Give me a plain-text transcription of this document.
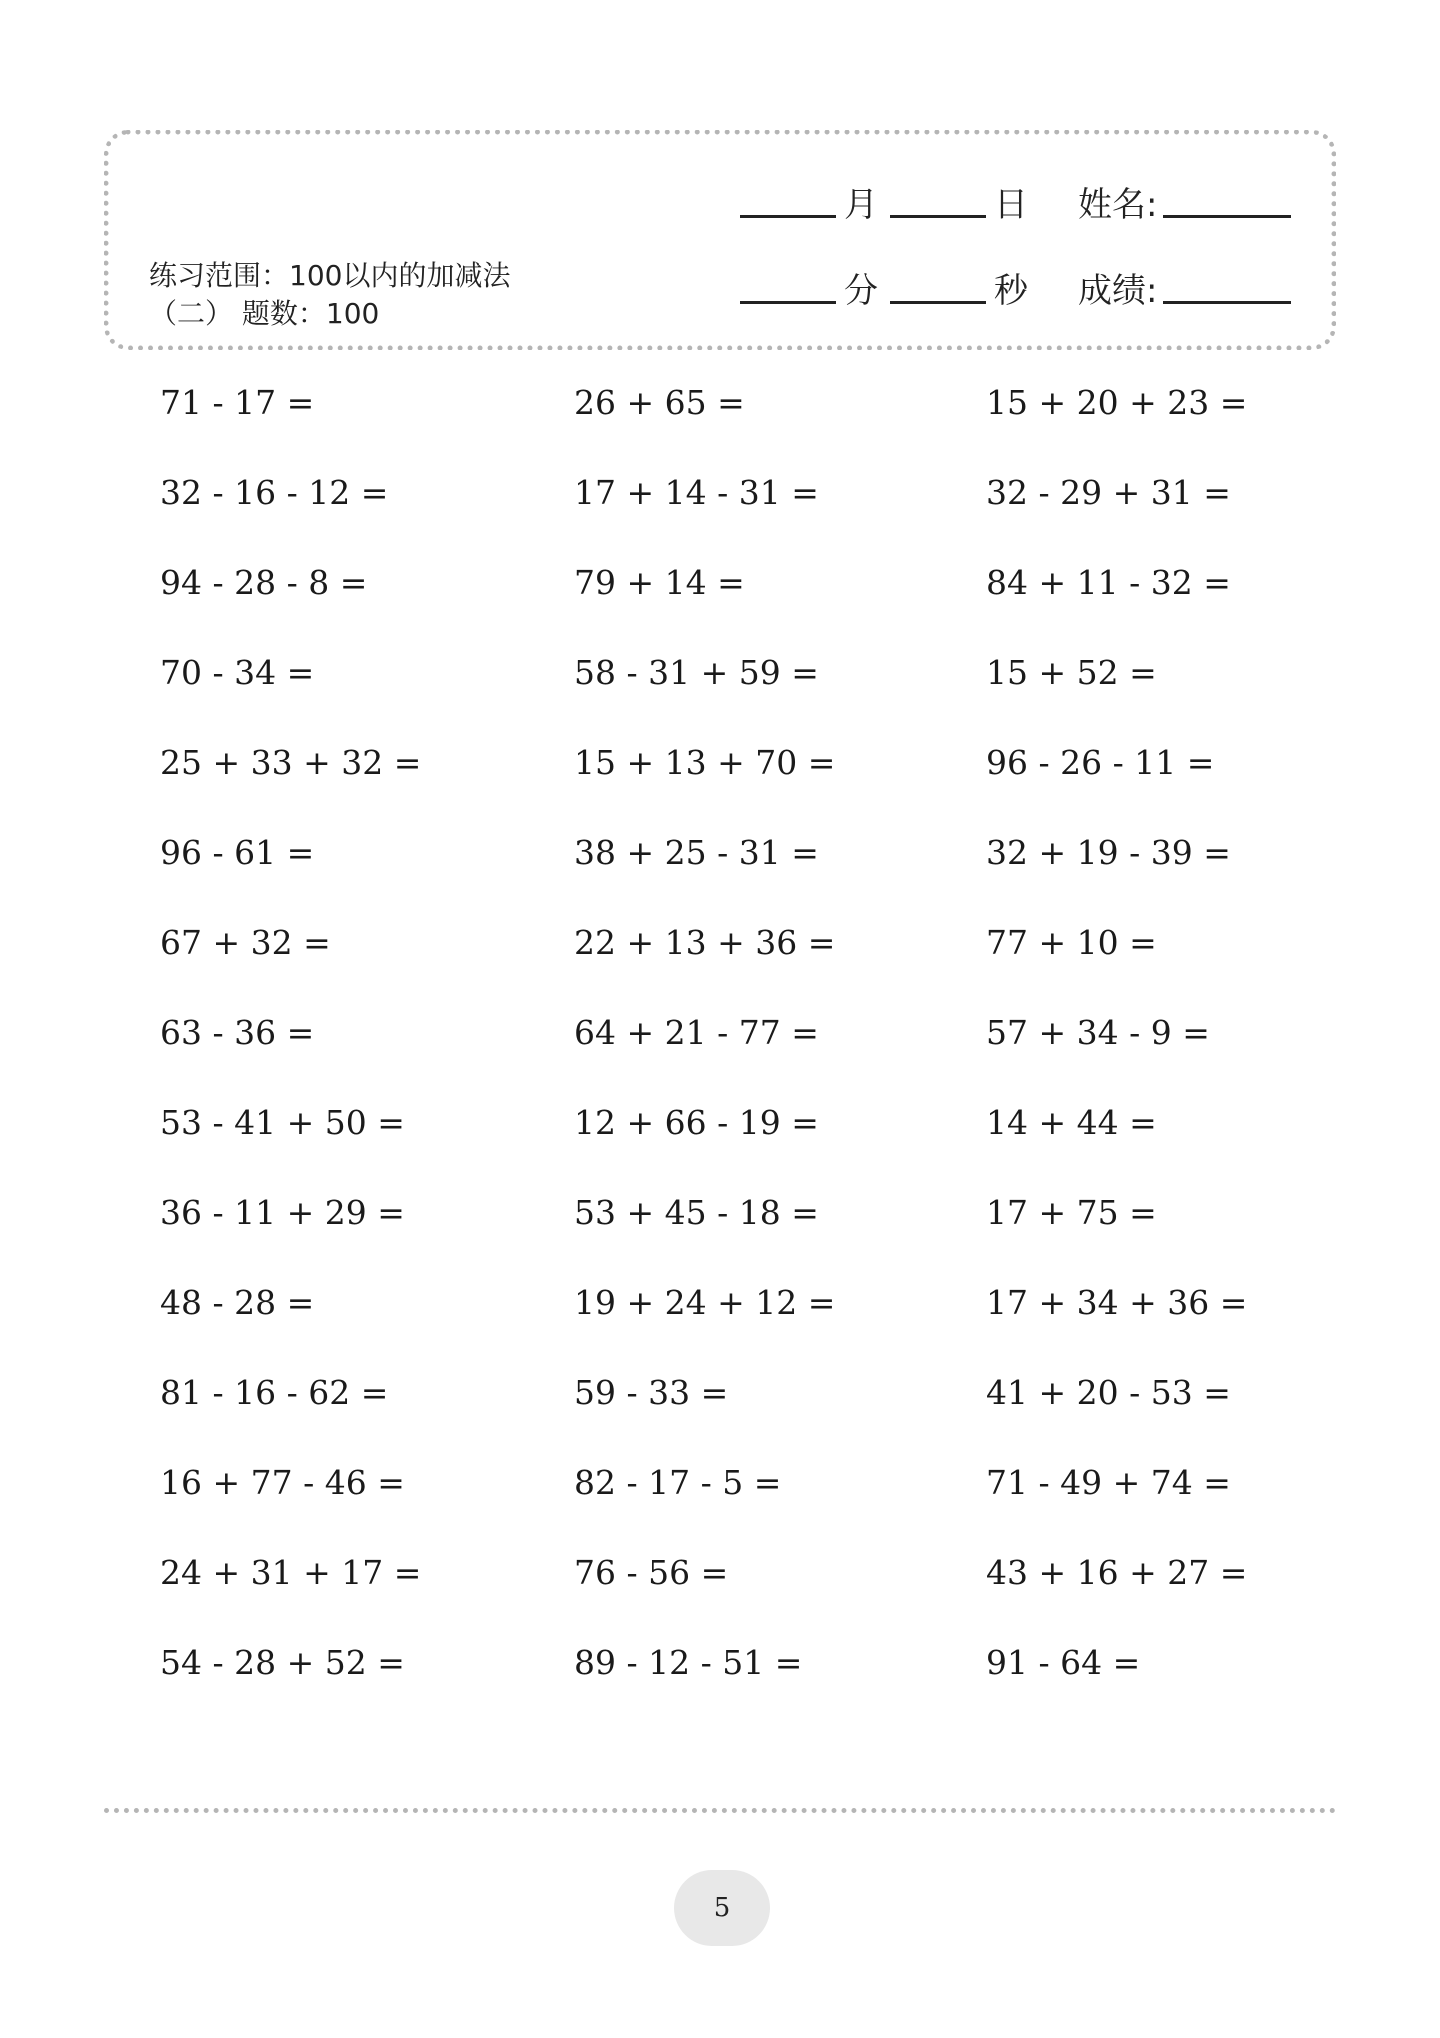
练习范围：100以内的加减法
（二） 题数：100
月	日 姓名:
分	秒 成绩:
71 - 17 =	26 + 65 =	15 + 20 + 23 =
32 - 16 - 12 =	17 + 14 - 31 =	32 - 29 + 31 =
94 - 28 - 8 =	79 + 14 =	84 + 11 - 32 =
70 - 34 =	58 - 31 + 59 =	15 + 52 =
25 + 33 + 32 =	15 + 13 + 70 =	96 - 26 - 11 =
96 - 61 =	38 + 25 - 31 =	32 + 19 - 39 =
67 + 32 =	22 + 13 + 36 =	77 + 10 =
63 - 36 =	64 + 21 - 77 =	57 + 34 - 9 =
53 - 41 + 50 =	12 + 66 - 19 =	14 + 44 =
36 - 11 + 29 =	53 + 45 - 18 =	17 + 75 =
48 - 28 =	19 + 24 + 12 =	17 + 34 + 36 =
81 - 16 - 62 =	59 - 33 =	41 + 20 - 53 =
16 + 77 - 46 =	82 - 17 - 5 =	71 - 49 + 74 =
24 + 31 + 17 =	76 - 56 =	43 + 16 + 27 =
54 - 28 + 52 =	89 - 12 - 51 =	91 - 64 =
5
